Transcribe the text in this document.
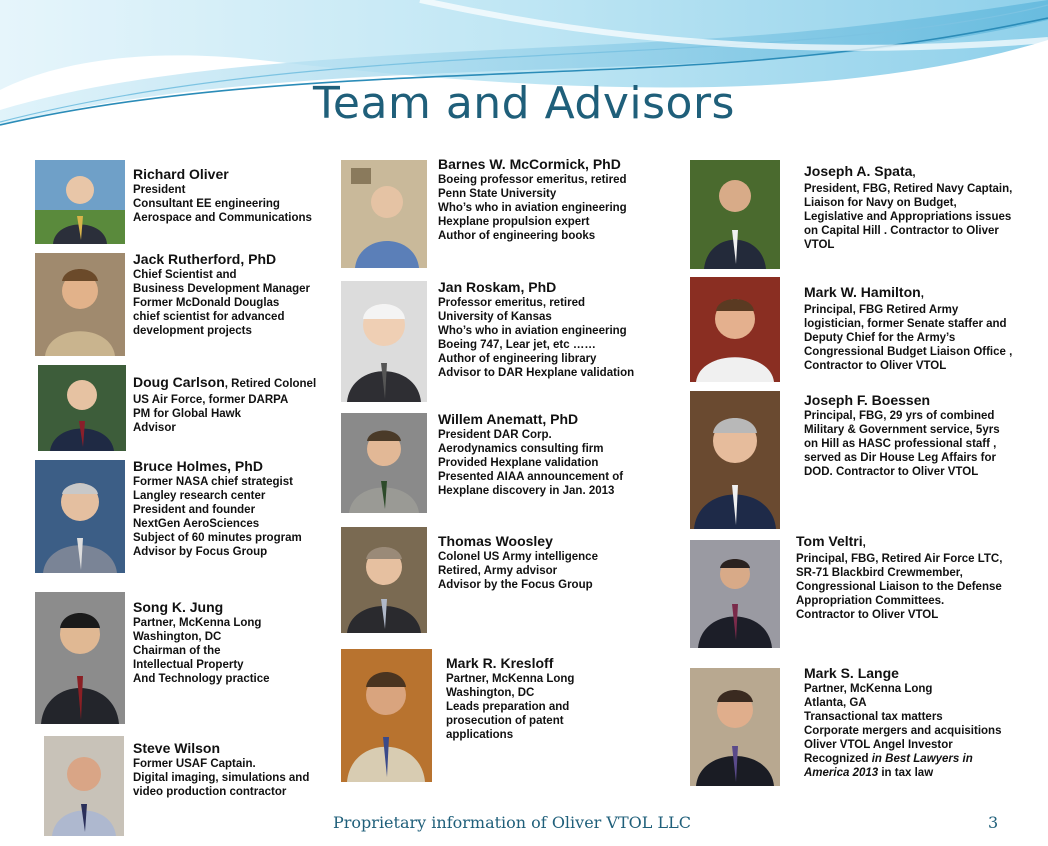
Team and Advisors
Richard Oliver
President
Consultant EE engineering
Aerospace and Communications
Jack Rutherford, PhD
Chief Scientist and
Business Development Manager
Former McDonald Douglas
chief scientist for advanced
development projects
Doug Carlson, Retired Colonel
US Air Force, former DARPA
PM for Global Hawk
Advisor
Bruce Holmes, PhD
Former NASA chief strategist
Langley research center
President and founder
NextGen AeroSciences
Subject of 60 minutes program
Advisor by Focus Group
Song K. Jung
Partner, McKenna Long
Washington, DC
Chairman of the
Intellectual Property
And Technology practice
Steve Wilson
Former USAF Captain.
Digital imaging, simulations and
video production contractor
Barnes W. McCormick, PhD
Boeing professor emeritus, retired
Penn State University
Who’s who in aviation engineering
Hexplane propulsion expert
Author of engineering books
Jan Roskam, PhD
Professor emeritus, retired
University of Kansas
Who’s who in aviation engineering
Boeing 747, Lear jet, etc ……
Author of engineering library
Advisor to DAR Hexplane validation
Willem Anematt, PhD
President DAR Corp.
Aerodynamics consulting firm
Provided Hexplane validation
Presented AIAA announcement of
Hexplane discovery in Jan. 2013
Thomas Woosley
Colonel US Army intelligence
Retired, Army advisor
Advisor by the Focus Group
Mark R. Kresloff
Partner, McKenna Long
Washington, DC
Leads preparation and
prosecution of patent
applications
Joseph A. Spata,
President, FBG, Retired Navy Captain,
Liaison for Navy on Budget,
Legislative and Appropriations issues
on Capital Hill . Contractor to Oliver
VTOL
Mark W. Hamilton,
Principal, FBG Retired Army
logistician, former Senate staffer and
Deputy Chief for the Army’s
Congressional Budget Liaison Office ,
Contractor to Oliver VTOL
Joseph F. Boessen
Principal, FBG, 29 yrs of combined
Military & Government service, 5yrs
on Hill as HASC professional staff ,
served as Dir House Leg Affairs for
DOD. Contractor to Oliver VTOL
Tom Veltri,
Principal, FBG, Retired Air Force LTC,
SR-71 Blackbird Crewmember,
Congressional Liaison to the Defense
Appropriation Committees.
Contractor to Oliver VTOL
Mark S. Lange
Partner, McKenna Long
Atlanta, GA
Transactional tax matters
Corporate mergers and acquisitions
Oliver VTOL Angel Investor
Recognized in Best Lawyers in
America 2013 in tax law
Proprietary information of Oliver VTOL LLC	3
